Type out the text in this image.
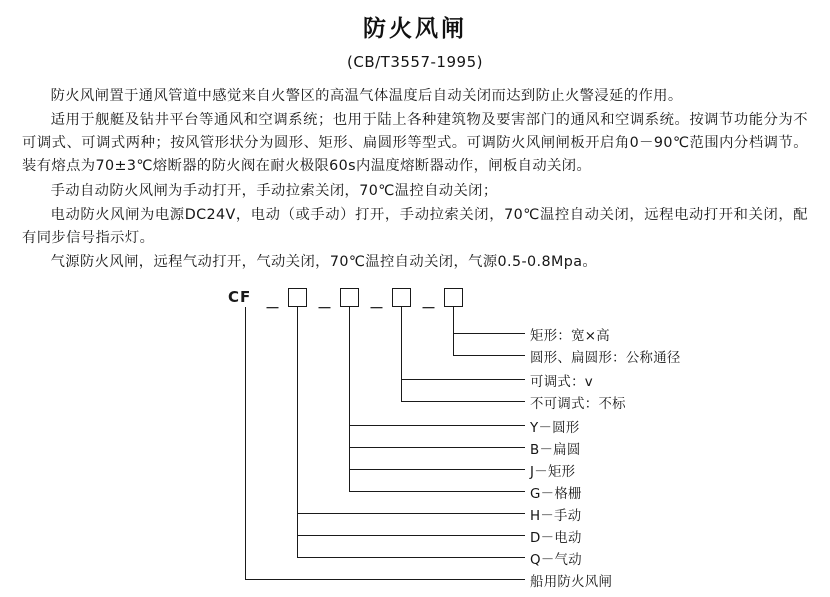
防火风闸
(CB/T3557-1995)

防火风闸置于通风管道中感觉来自火警区的高温气体温度后自动关闭而达到防止火警浸延的作用。

适用于舰艇及钻井平台等通风和空调系统；也用于陆上各种建筑物及要害部门的通风和空调系统。按调节功能分为不可调式、可调式两种；按风管形状分为圆形、矩形、扁圆形等型式。可调防火风闸闸板开启角0－90℃范围内分档调节。装有熔点为70±3℃熔断器的防火阀在耐火极限60s内温度熔断器动作，闸板自动关闭。

手动自动防火风闸为手动打开，手动拉索关闭，70℃温控自动关闭；

电动防火风闸为电源DC24V，电动（或手动）打开，手动拉索关闭，70℃温控自动关闭，远程电动打开和关闭，配有同步信号指示灯。

气源防火风闸，远程气动打开，气动关闭，70℃温控自动关闭，气源0.5-0.8Mpa。

CF
－ － － －
矩形：宽×高
圆形、扁圆形：公称通径
可调式：v
不可调式：不标
Y－圆形
B－扁圆
J－矩形
G－格栅
H－手动
D－电动
Q－气动
船用防火风闸
